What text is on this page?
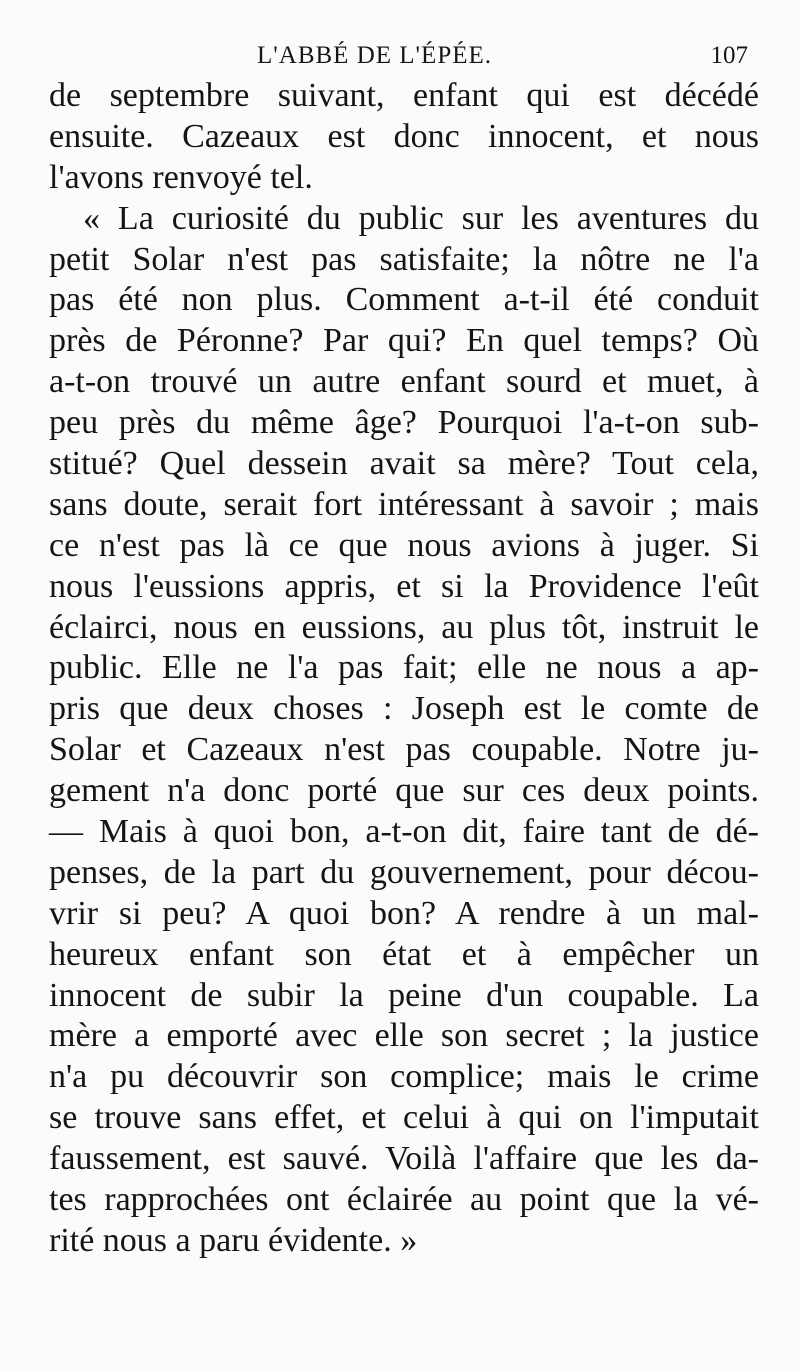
L'ABBÉ DE L'ÉPÉE.	107
de septembre suivant, enfant qui est décédé
ensuite. Cazeaux est donc innocent, et nous
l'avons renvoyé tel.
« La curiosité du public sur les aventures du
petit Solar n'est pas satisfaite; la nôtre ne l'a
pas été non plus. Comment a-t-il été conduit
près de Péronne? Par qui? En quel temps? Où
a-t-on trouvé un autre enfant sourd et muet, à
peu près du même âge? Pourquoi l'a-t-on sub-
stitué? Quel dessein avait sa mère? Tout cela,
sans doute, serait fort intéressant à savoir ; mais
ce n'est pas là ce que nous avions à juger. Si
nous l'eussions appris, et si la Providence l'eût
éclairci, nous en eussions, au plus tôt, instruit le
public. Elle ne l'a pas fait; elle ne nous a ap-
pris que deux choses : Joseph est le comte de
Solar et Cazeaux n'est pas coupable. Notre ju-
gement n'a donc porté que sur ces deux points.
— Mais à quoi bon, a-t-on dit, faire tant de dé-
penses, de la part du gouvernement, pour décou-
vrir si peu? A quoi bon? A rendre à un mal-
heureux enfant son état et à empêcher un
innocent de subir la peine d'un coupable. La
mère a emporté avec elle son secret ; la justice
n'a pu découvrir son complice; mais le crime
se trouve sans effet, et celui à qui on l'imputait
faussement, est sauvé. Voilà l'affaire que les da-
tes rapprochées ont éclairée au point que la vé-
rité nous a paru évidente. »
